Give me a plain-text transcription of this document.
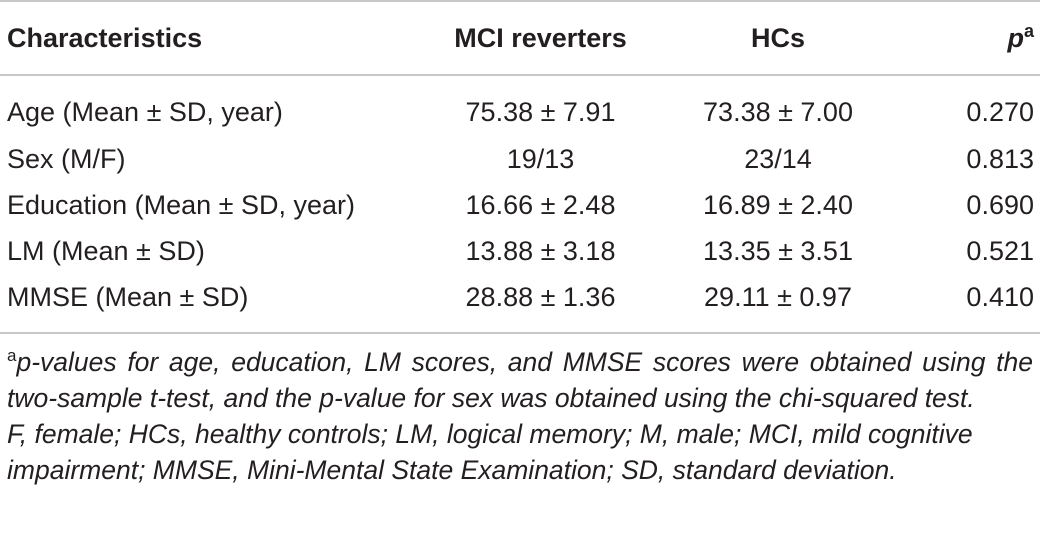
Characteristics	MCI reverters	HCs	$p^a$
Age (Mean ± SD, year)	75.38 ± 7.91	73.38 ± 7.00	0.270
Sex (M/F)	19/13	23/14	0.813
Education (Mean ± SD, year)	16.66 ± 2.48	16.89 ± 2.40	0.690
LM (Mean ± SD)	13.88 ± 3.18	13.35 ± 3.51	0.521
MMSE (Mean ± SD)	28.88 ± 1.36	29.11 ± 0.97	0.410
$^a$p-values for age, education, LM scores, and MMSE scores were obtained using the two-sample t-test, and the p-value for sex was obtained using the chi-squared test.
F, female; HCs, healthy controls; LM, logical memory; M, male; MCI, mild cognitive impairment; MMSE, Mini-Mental State Examination; SD, standard deviation.
